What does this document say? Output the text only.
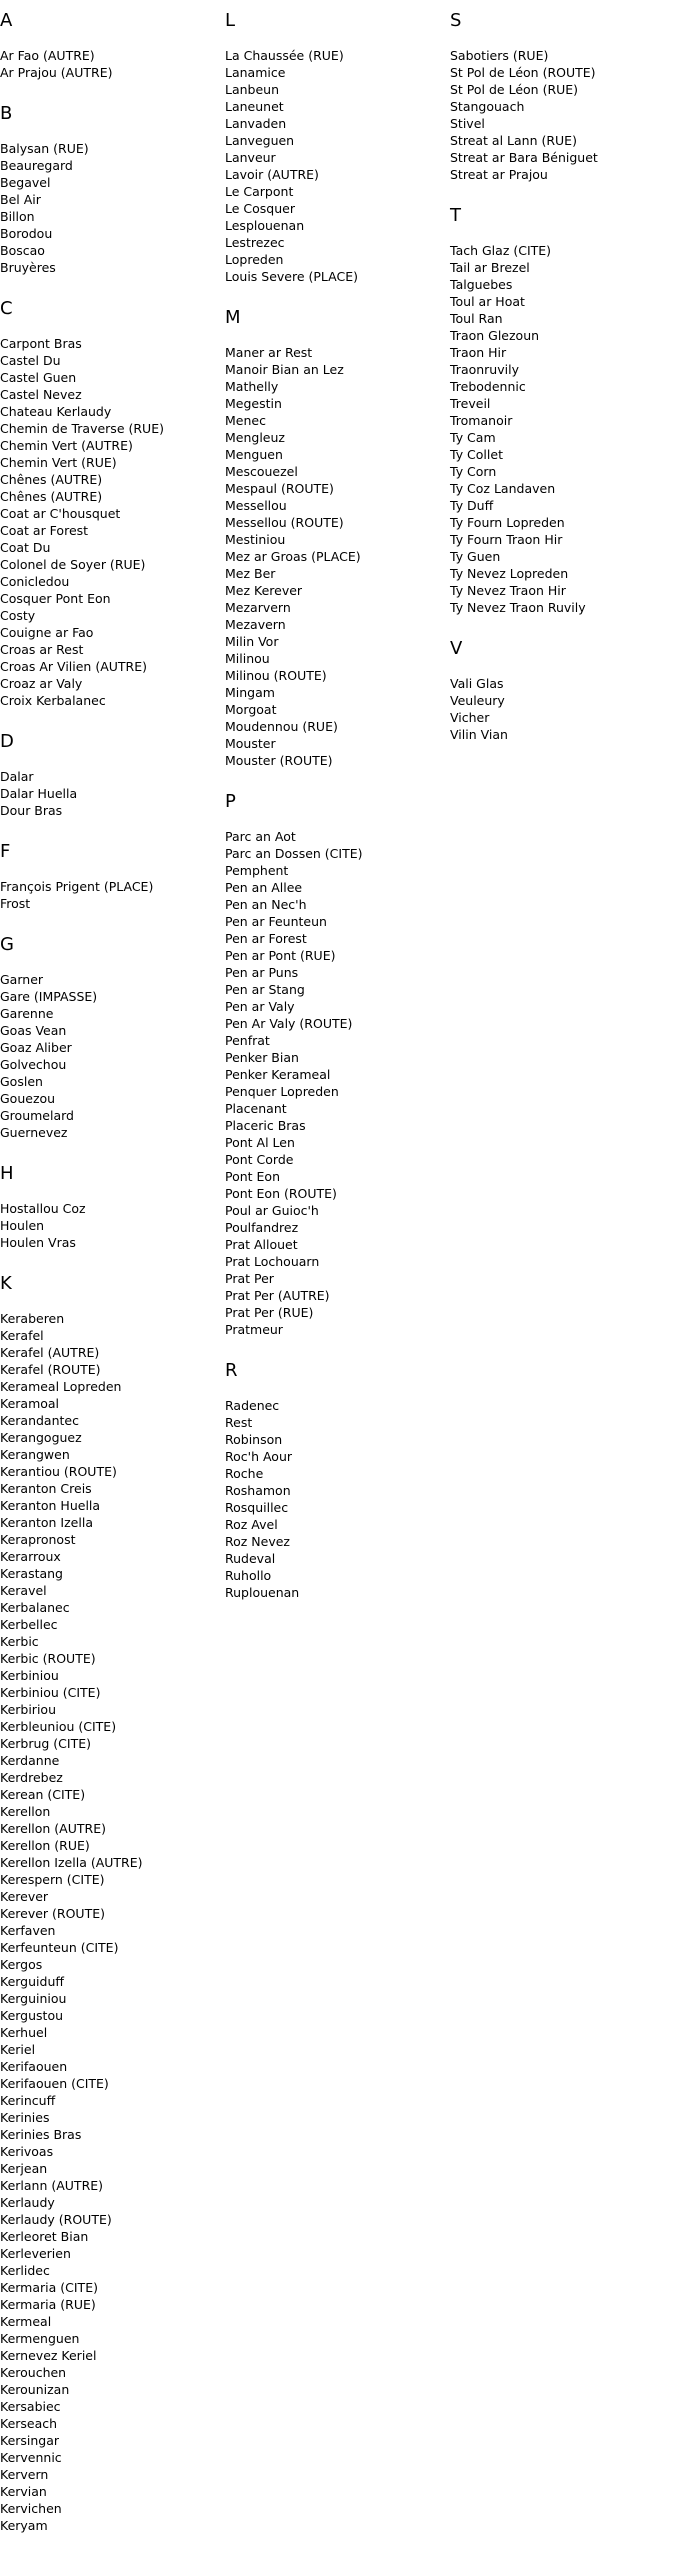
A
Ar Fao (AUTRE)
Ar Prajou (AUTRE)
B
Balysan (RUE)
Beauregard
Begavel
Bel Air
Billon
Borodou
Boscao
Bruyères
C
Carpont Bras
Castel Du
Castel Guen
Castel Nevez
Chateau Kerlaudy
Chemin de Traverse (RUE)
Chemin Vert (AUTRE)
Chemin Vert (RUE)
Chênes (AUTRE)
Chênes (AUTRE)
Coat ar C'housquet
Coat ar Forest
Coat Du
Colonel de Soyer (RUE)
Conicledou
Cosquer Pont Eon
Costy
Couigne ar Fao
Croas ar Rest
Croas Ar Vilien (AUTRE)
Croaz ar Valy
Croix Kerbalanec
D
Dalar
Dalar Huella
Dour Bras
F
François Prigent (PLACE)
Frost
G
Garner
Gare (IMPASSE)
Garenne
Goas Vean
Goaz Aliber
Golvechou
Goslen
Gouezou
Groumelard
Guernevez
H
Hostallou Coz
Houlen
Houlen Vras
K
Keraberen
Kerafel
Kerafel (AUTRE)
Kerafel (ROUTE)
Kerameal Lopreden
Keramoal
Kerandantec
Kerangoguez
Kerangwen
Kerantiou (ROUTE)
Keranton Creis
Keranton Huella
Keranton Izella
Kerapronost
Kerarroux
Kerastang
Keravel
Kerbalanec
Kerbellec
Kerbic
Kerbic (ROUTE)
Kerbiniou
Kerbiniou (CITE)
Kerbiriou
Kerbleuniou (CITE)
Kerbrug (CITE)
Kerdanne
Kerdrebez
Kerean (CITE)
Kerellon
Kerellon (AUTRE)
Kerellon (RUE)
Kerellon Izella (AUTRE)
Kerespern (CITE)
Kerever
Kerever (ROUTE)
Kerfaven
Kerfeunteun (CITE)
Kergos
Kerguiduff
Kerguiniou
Kergustou
Kerhuel
Keriel
Kerifaouen
Kerifaouen (CITE)
Kerincuff
Kerinies
Kerinies Bras
Kerivoas
Kerjean
Kerlann (AUTRE)
Kerlaudy
Kerlaudy (ROUTE)
Kerleoret Bian
Kerleverien
Kerlidec
Kermaria (CITE)
Kermaria (RUE)
Kermeal
Kermenguen
Kernevez Keriel
Kerouchen
Kerounizan
Kersabiec
Kerseach
Kersingar
Kervennic
Kervern
Kervian
Kervichen
Keryam
L
La Chaussée (RUE)
Lanamice
Lanbeun
Laneunet
Lanvaden
Lanveguen
Lanveur
Lavoir (AUTRE)
Le Carpont
Le Cosquer
Lesplouenan
Lestrezec
Lopreden
Louis Severe (PLACE)
M
Maner ar Rest
Manoir Bian an Lez
Mathelly
Megestin
Menec
Mengleuz
Menguen
Mescouezel
Mespaul (ROUTE)
Messellou
Messellou (ROUTE)
Mestiniou
Mez ar Groas (PLACE)
Mez Ber
Mez Kerever
Mezarvern
Mezavern
Milin Vor
Milinou
Milinou (ROUTE)
Mingam
Morgoat
Moudennou (RUE)
Mouster
Mouster (ROUTE)
P
Parc an Aot
Parc an Dossen (CITE)
Pemphent
Pen an Allee
Pen an Nec'h
Pen ar Feunteun
Pen ar Forest
Pen ar Pont (RUE)
Pen ar Puns
Pen ar Stang
Pen ar Valy
Pen Ar Valy (ROUTE)
Penfrat
Penker Bian
Penker Kerameal
Penquer Lopreden
Placenant
Placeric Bras
Pont Al Len
Pont Corde
Pont Eon
Pont Eon (ROUTE)
Poul ar Guioc'h
Poulfandrez
Prat Allouet
Prat Lochouarn
Prat Per
Prat Per (AUTRE)
Prat Per (RUE)
Pratmeur
R
Radenec
Rest
Robinson
Roc'h Aour
Roche
Roshamon
Rosquillec
Roz Avel
Roz Nevez
Rudeval
Ruhollo
Ruplouenan
S
Sabotiers (RUE)
St Pol de Léon (ROUTE)
St Pol de Léon (RUE)
Stangouach
Stivel
Streat al Lann (RUE)
Streat ar Bara Béniguet
Streat ar Prajou
T
Tach Glaz (CITE)
Tail ar Brezel
Talguebes
Toul ar Hoat
Toul Ran
Traon Glezoun
Traon Hir
Traonruvily
Trebodennic
Treveil
Tromanoir
Ty Cam
Ty Collet
Ty Corn
Ty Coz Landaven
Ty Duff
Ty Fourn Lopreden
Ty Fourn Traon Hir
Ty Guen
Ty Nevez Lopreden
Ty Nevez Traon Hir
Ty Nevez Traon Ruvily
V
Vali Glas
Veuleury
Vicher
Vilin Vian
